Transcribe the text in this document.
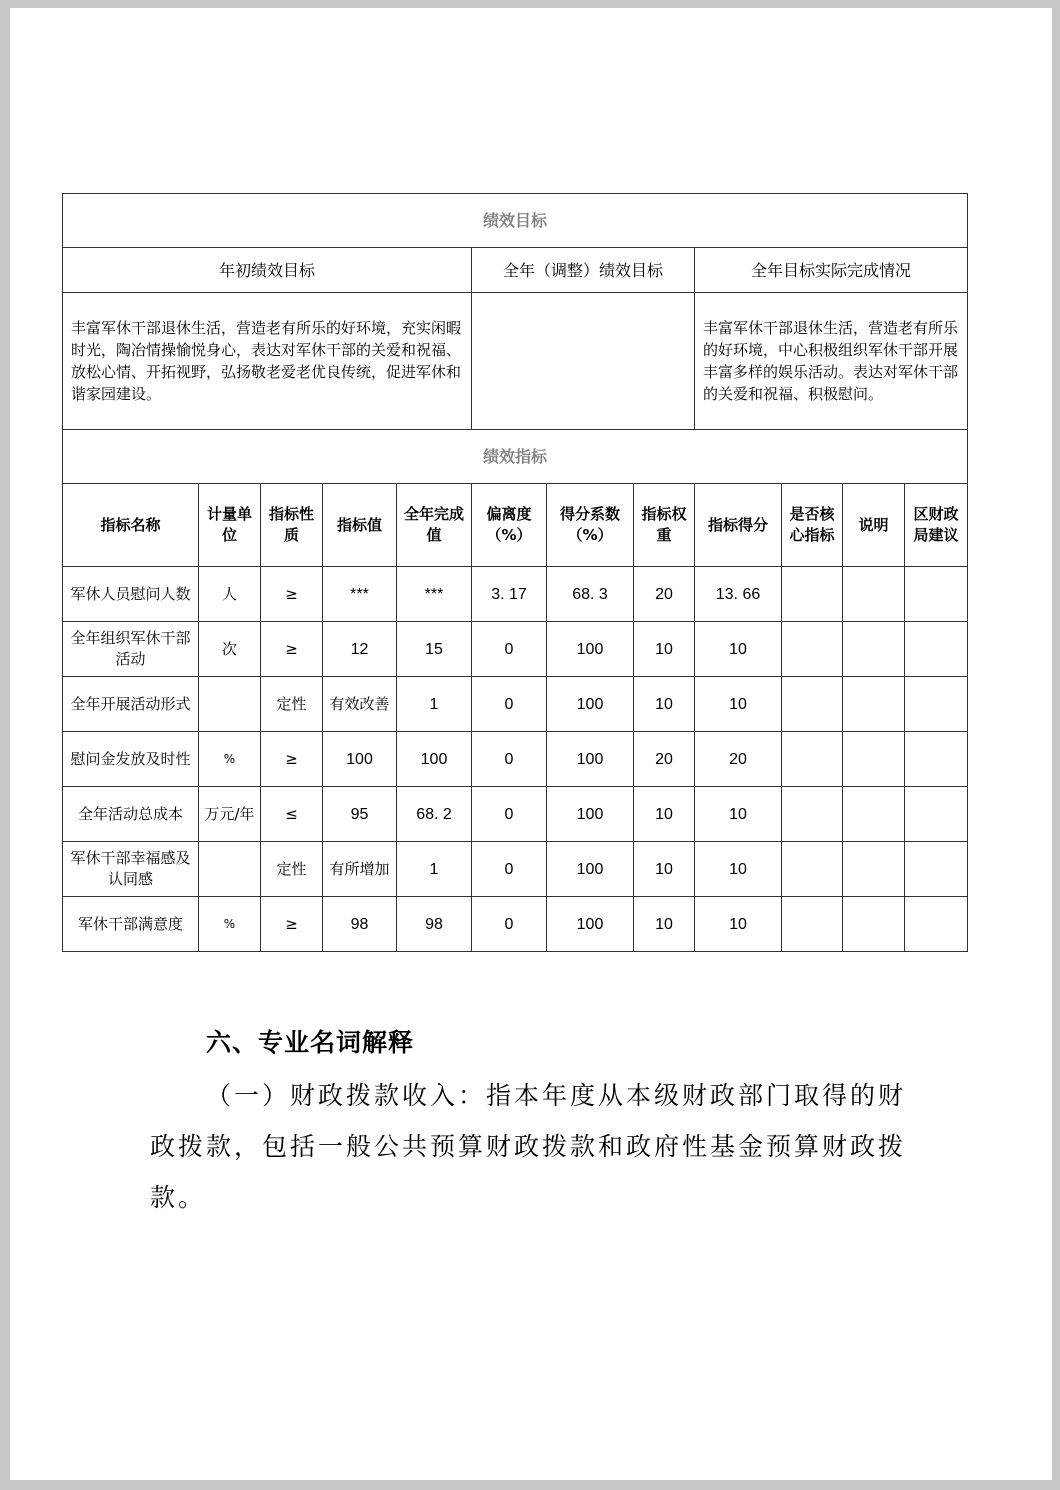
绩效目标											
年初绩效目标					全年（调整）绩效目标			全年目标实际完成情况			
丰富军休干部退休生活，营造老有所乐的好环境，充实闲暇时光，陶冶情操愉悦身心，表达对军休干部的关爱和祝福、放松心情、开拓视野，弘扬敬老爱老优良传统，促进军休和谐家园建设。								丰富军休干部退休生活，营造老有所乐的好环境，中心积极组织军休干部开展丰富多样的娱乐活动。表达对军休干部的关爱和祝福、积极慰问。			
绩效指标											
指标名称	计量单位	指标性质	指标值	全年完成值	偏离度（%）	得分系数（%）	指标权重	指标得分	是否核心指标	说明	区财政局建议
军休人员慰问人数	人	≥	***	***	3. 17	68. 3	20	13. 66			
全年组织军休干部活动	次	≥	12	15	0	100	10	10			
全年开展活动形式		定性	有效改善	1	0	100	10	10			
慰问金发放及时性	%	≥	100	100	0	100	20	20			
全年活动总成本	万元/年	≤	95	68. 2	0	100	10	10			
军休干部幸福感及认同感		定性	有所增加	1	0	100	10	10			
军休干部满意度	%	≥	98	98	0	100	10	10			
六、专业名词解释

（一）财政拨款收入：指本年度从本级财政部门取得的财政拨款，包括一般公共预算财政拨款和政府性基金预算财政拨款。
